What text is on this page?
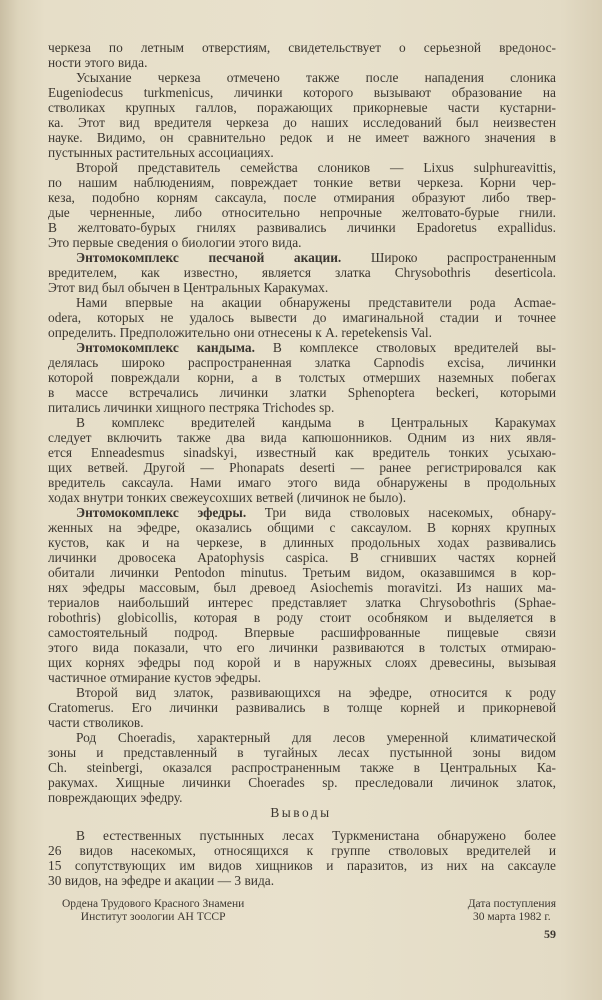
черкеза по летным отверстиям, свидетельствует о серьезной вредонос-
ности этого вида.
Усыхание черкеза отмечено также после нападения слоника
Eugeniodecus turkmenicus, личинки которого вызывают образование на
стволиках крупных галлов, поражающих прикорневые части кустарни-
ка. Этот вид вредителя черкеза до наших исследований был неизвестен
науке. Видимо, он сравнительно редок и не имеет важного значения в
пустынных растительных ассоциациях.
Второй представитель семейства слоников — Lixus sulphureavittis,
по нашим наблюдениям, повреждает тонкие ветви черкеза. Корни чер-
кеза, подобно корням саксаула, после отмирания образуют либо твер-
дые черненные, либо относительно непрочные желтовато-бурые гнили.
В желтовато-бурых гнилях развивались личинки Epadoretus expallidus.
Это первые сведения о биологии этого вида.
Энтомокомплекс песчаной акации. Широко распространенным
вредителем, как известно, является златка Chrysobothris deserticola.
Этот вид был обычен в Центральных Каракумах.
Нами впервые на акации обнаружены представители рода Acmae-
odera, которых не удалось вывести до имагинальной стадии и точнее
определить. Предположительно они отнесены к A. repetekensis Val.
Энтомокомплекс кандыма. В комплексе стволовых вредителей вы-
делялась широко распространенная златка Capnodis excisa, личинки
которой повреждали корни, а в толстых отмерших наземных побегах
в массе встречались личинки златки Sphenoptera beckeri, которыми
питались личинки хищного пестряка Trichodes sp.
В комплекс вредителей кандыма в Центральных Каракумах
следует включить также два вида капюшонников. Одним из них явля-
ется Enneadesmus sinadskyi, известный как вредитель тонких усыхаю-
щих ветвей. Другой — Phonapats deserti — ранее регистрировался как
вредитель саксаула. Нами имаго этого вида обнаружены в продольных
ходах внутри тонких свежеусохших ветвей (личинок не было).
Энтомокомплекс эфедры. Три вида стволовых насекомых, обнару-
женных на эфедре, оказались общими с саксаулом. В корнях крупных
кустов, как и на черкезе, в длинных продольных ходах развивались
личинки дровосека Apatophysis caspica. В сгнивших частях корней
обитали личинки Pentodon minutus. Третьим видом, оказавшимся в кор-
нях эфедры массовым, был древоед Asiochemis moravitzi. Из наших ма-
териалов наибольший интерес представляет златка Chrysobothris (Sphae-
robothris) globicollis, которая в роду стоит особняком и выделяется в
самостоятельный подрод. Впервые расшифрованные пищевые связи
этого вида показали, что его личинки развиваются в толстых отмираю-
щих корнях эфедры под корой и в наружных слоях древесины, вызывая
частичное отмирание кустов эфедры.
Второй вид златок, развивающихся на эфедре, относится к роду
Cratomerus. Его личинки развивались в толще корней и прикорневой
части стволиков.
Род Choeradis, характерный для лесов умеренной климатической
зоны и представленный в тугайных лесах пустынной зоны видом
Ch. steinbergi, оказался распространенным также в Центральных Ка-
ракумах. Хищные личинки Choerades sp. преследовали личинок златок,
повреждающих эфедру.
Выводы
В естественных пустынных лесах Туркменистана обнаружено более
26 видов насекомых, относящихся к группе стволовых вредителей и
15 сопутствующих им видов хищников и паразитов, из них на саксауле
30 видов, на эфедре и акации — 3 вида.
Ордена Трудового Красного Знамени
Институт зоологии АН ТССР
Дата поступления
30 марта 1982 г.
59
